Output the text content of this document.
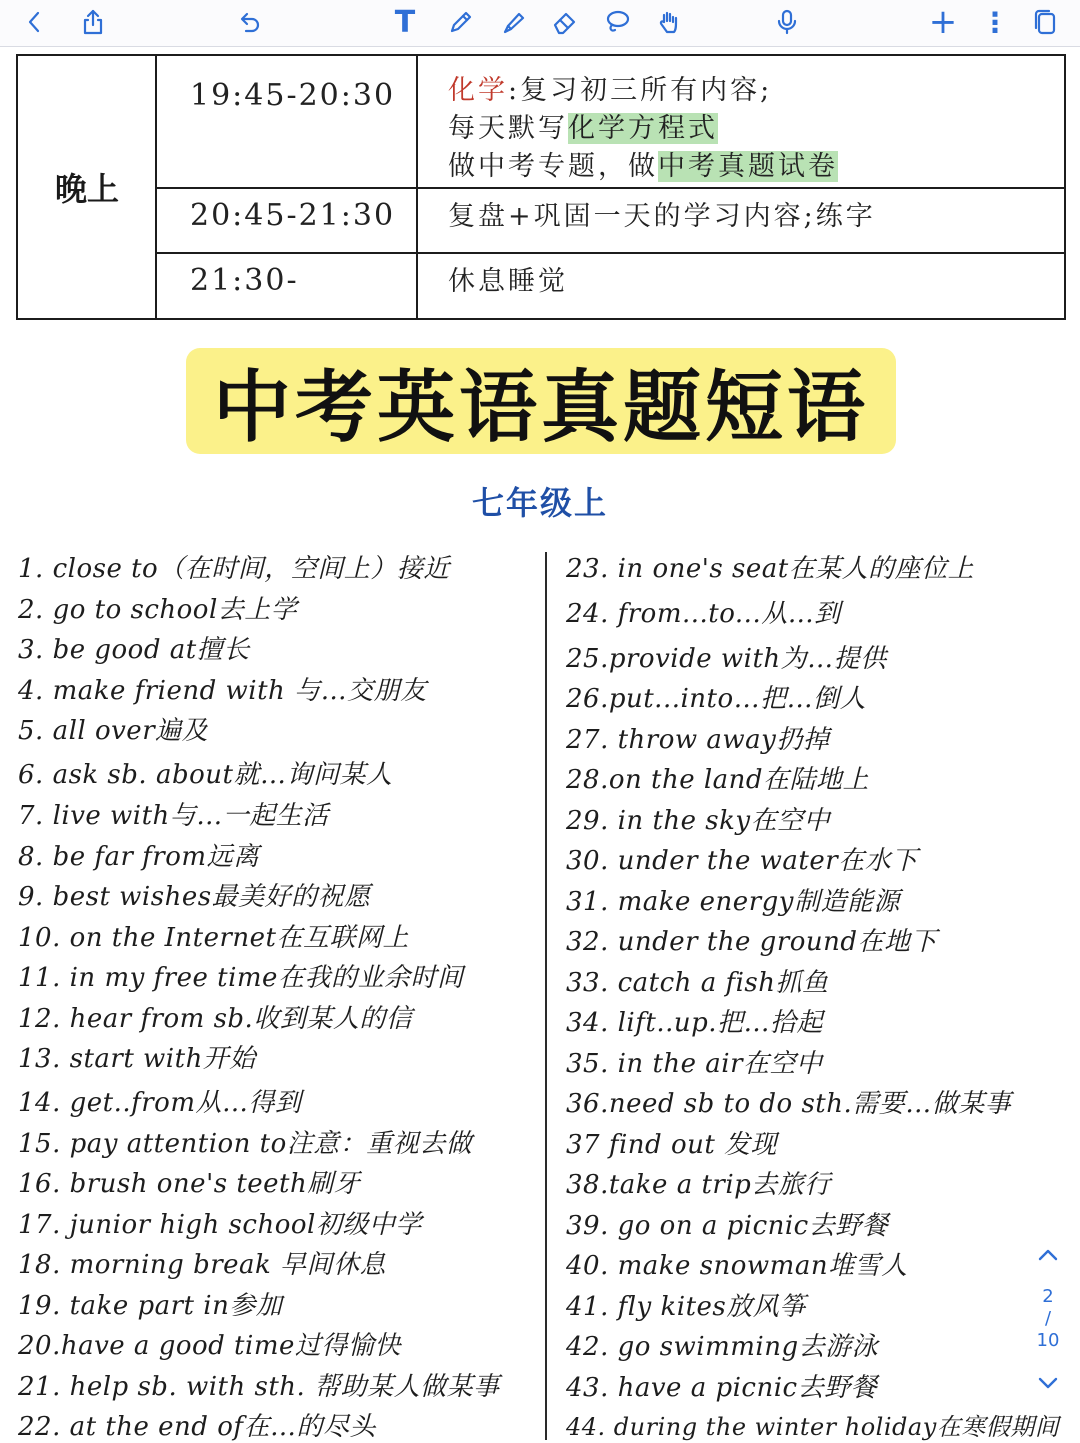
T	+ ⋮
晚上
19:45-20:30 化学:复习初三所有内容;
每天默写化学方程式
做中考专题，做中考真题试卷
20:45-21:30 复盘+巩固一天的学习内容;练字
21:30-	休息睡觉
中考英语真题短语
七年级上
1. close to（在时间，空间上）接近
2. go to school去上学
3. be good at擅长
4. make friend with 与…交朋友
5. all over遍及
6. ask sb. about就…询问某人
7. live with与…一起生活
8. be far from远离
9. best wishes最美好的祝愿
10. on the Internet在互联网上
11. in my free time在我的业余时间
12. hear from sb.收到某人的信
13. start with开始
14. get..from从…得到
15. pay attention to注意：重视去做
16. brush one's teeth刷牙
17. junior high school初级中学
18. morning break 早间休息
19. take part in参加
20.have a good time过得愉快
21. help sb. with sth. 帮助某人做某事
22. at the end of在…的尽头
23. in one's seat在某人的座位上
24. from...to...从…到
25.provide with为…提供
26.put...into…把…倒人
27. throw away扔掉
28.on the land在陆地上
29. in the sky在空中
30. under the water在水下
31. make energy制造能源
32. under the ground在地下
33. catch a fish抓鱼
34. lift..up.把…拾起
35. in the air在空中
36.need sb to do sth.需要…做某事
37 find out 发现
38.take a trip去旅行
39. go on a picnic去野餐
40. make snowman堆雪人
41. fly kites放风筝
42. go swimming去游泳
43. have a picnic去野餐
44. during the winter holiday在寒假期间
2
/
10
